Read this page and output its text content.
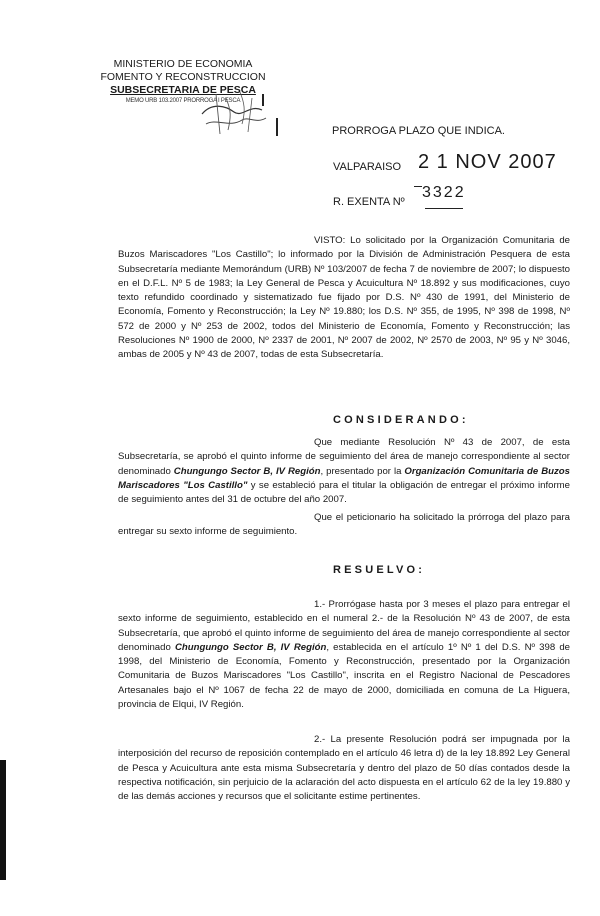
MINISTERIO DE ECONOMIA
FOMENTO Y RECONSTRUCCION
SUBSECRETARIA DE PESCA
MEMO URB 103.2007 PRORROGA I PESCA
PRORROGA PLAZO QUE INDICA.
VALPARAISO 2 1 NOV 2007
R. EXENTA Nº
3322

VISTO: Lo solicitado por la Organización Comunitaria de Buzos Mariscadores "Los Castillo"; lo informado por la División de Administración Pesquera de esta Subsecretaría mediante Memorándum (URB) Nº 103/2007 de fecha 7 de noviembre de 2007; lo dispuesto en el D.F.L. Nº 5 de 1983; la Ley General de Pesca y Acuicultura Nº 18.892 y sus modificaciones, cuyo texto refundido coordinado y sistematizado fue fijado por D.S. Nº 430 de 1991, del Ministerio de Economía, Fomento y Reconstrucción; la Ley Nº 19.880; los D.S. Nº 355, de 1995, Nº 398 de 1998, Nº 572 de 2000 y Nº 253 de 2002, todos del Ministerio de Economía, Fomento y Reconstrucción; las Resoluciones Nº 1900 de 2000, Nº 2337 de 2001, Nº 2007 de 2002, Nº 2570 de 2003, Nº 95 y Nº 3046, ambas de 2005 y Nº 43 de 2007, todas de esta Subsecretaría.

CONSIDERANDO:

Que mediante Resolución Nº 43 de 2007, de esta Subsecretaría, se aprobó el quinto informe de seguimiento del área de manejo correspondiente al sector denominado Chungungo Sector B, IV Región, presentado por la Organización Comunitaria de Buzos Mariscadores "Los Castillo" y se estableció para el titular la obligación de entregar el próximo informe de seguimiento antes del 31 de octubre del año 2007.

Que el peticionario ha solicitado la prórroga del plazo para entregar su sexto informe de seguimiento.

RESUELVO:

1.- Prorrógase hasta por 3 meses el plazo para entregar el sexto informe de seguimiento, establecido en el numeral 2.- de la Resolución Nº 43 de 2007, de esta Subsecretaría, que aprobó el quinto informe de seguimiento del área de manejo correspondiente al sector denominado Chungungo Sector B, IV Región, establecida en el artículo 1º Nº 1 del D.S. Nº 398 de 1998, del Ministerio de Economía, Fomento y Reconstrucción, presentado por la Organización Comunitaria de Buzos Mariscadores "Los Castillo", inscrita en el Registro Nacional de Pescadores Artesanales bajo el Nº 1067 de fecha 22 de mayo de 2000, domiciliada en comuna de La Higuera, provincia de Elqui, IV Región.

2.- La presente Resolución podrá ser impugnada por la interposición del recurso de reposición contemplado en el artículo 46 letra d) de la ley 18.892 Ley General de Pesca y Acuicultura ante esta misma Subsecretaría y dentro del plazo de 50 días contados desde la respectiva notificación, sin perjuicio de la aclaración del acto dispuesta en el artículo 62 de la ley 19.880 y de las demás acciones y recursos que el solicitante estime pertinentes.
